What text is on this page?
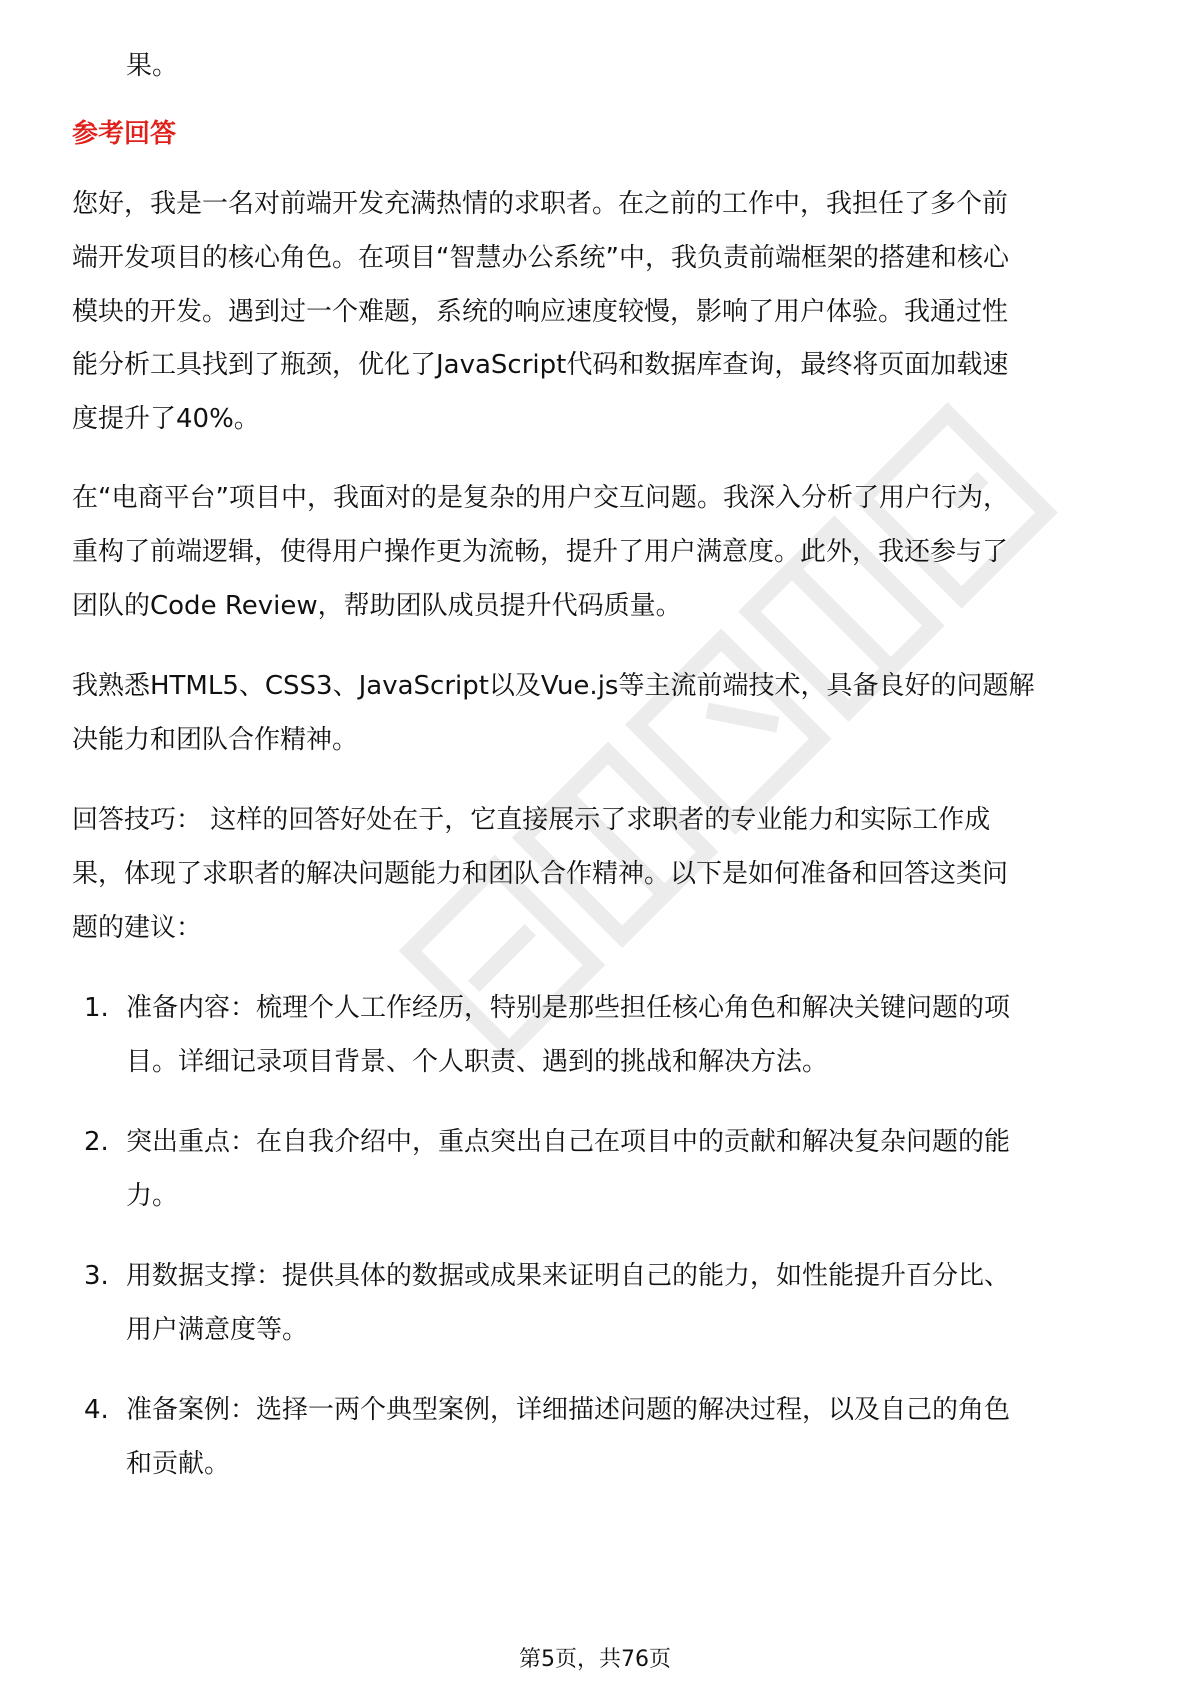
果。
参考回答
您好，我是一名对前端开发充满热情的求职者。在之前的工作中，我担任了多个前
端开发项目的核心角色。在项目“智慧办公系统”中，我负责前端框架的搭建和核心
模块的开发。遇到过一个难题，系统的响应速度较慢，影响了用户体验。我通过性
能分析工具找到了瓶颈，优化了JavaScript代码和数据库查询，最终将页面加载速
度提升了40%。
在“电商平台”项目中，我面对的是复杂的用户交互问题。我深入分析了用户行为，
重构了前端逻辑，使得用户操作更为流畅，提升了用户满意度。此外，我还参与了
团队的Code Review，帮助团队成员提升代码质量。
我熟悉HTML5、CSS3、JavaScript以及Vue.js等主流前端技术，具备良好的问题解
决能力和团队合作精神。
回答技巧： 这样的回答好处在于，它直接展示了求职者的专业能力和实际工作成
果，体现了求职者的解决问题能力和团队合作精神。以下是如何准备和回答这类问
题的建议：
1. 准备内容：梳理个人工作经历，特别是那些担任核心角色和解决关键问题的项
目。详细记录项目背景、个人职责、遇到的挑战和解决方法。
2. 突出重点：在自我介绍中，重点突出自己在项目中的贡献和解决复杂问题的能
力。
3. 用数据支撑：提供具体的数据或成果来证明自己的能力，如性能提升百分比、
用户满意度等。
4. 准备案例：选择一两个典型案例，详细描述问题的解决过程，以及自己的角色
和贡献。
第5页，共76页
